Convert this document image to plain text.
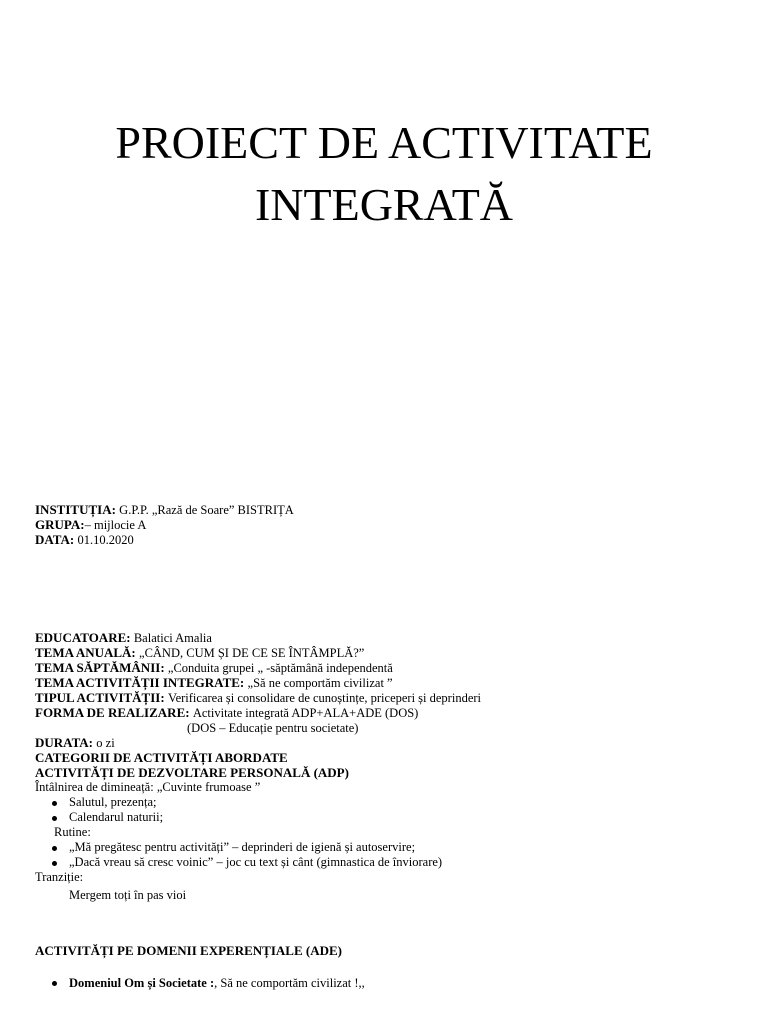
PROIECT DE ACTIVITATE
INTEGRATĂ
INSTITUȚIA: G.P.P. „Rază de Soare” BISTRIȚA
GRUPA:– mijlocie A
DATA: 01.10.2020
EDUCATOARE: Balatici Amalia
TEMA ANUALĂ: „CÂND, CUM ȘI DE CE SE ÎNTÂMPLĂ?”
TEMA SĂPTĂMÂNII: „Conduita grupei „ -săptămână independentă
TEMA ACTIVITĂȚII INTEGRATE: „Să ne comportăm civilizat ”
TIPUL ACTIVITĂȚII: Verificarea și consolidare de cunoștințe, priceperi și deprinderi
FORMA DE REALIZARE: Activitate integrată ADP+ALA+ADE (DOS)
(DOS – Educație pentru societate)
DURATA: o zi
CATEGORII DE ACTIVITĂȚI ABORDATE
ACTIVITĂȚI DE DEZVOLTARE PERSONALĂ (ADP)
Întâlnirea de dimineață: „Cuvinte frumoase ”
Salutul, prezența;
Calendarul naturii;
Rutine:
„Mă pregătesc pentru activități” – deprinderi de igienă și autoservire;
„Dacă vreau să cresc voinic” – joc cu text și cânt (gimnastica de înviorare)
Tranziție:
Mergem toți în pas vioi
ACTIVITĂȚI PE DOMENII EXPERENȚIALE (ADE)
Domeniul Om și Societate :, Să ne comportăm civilizat !,,
